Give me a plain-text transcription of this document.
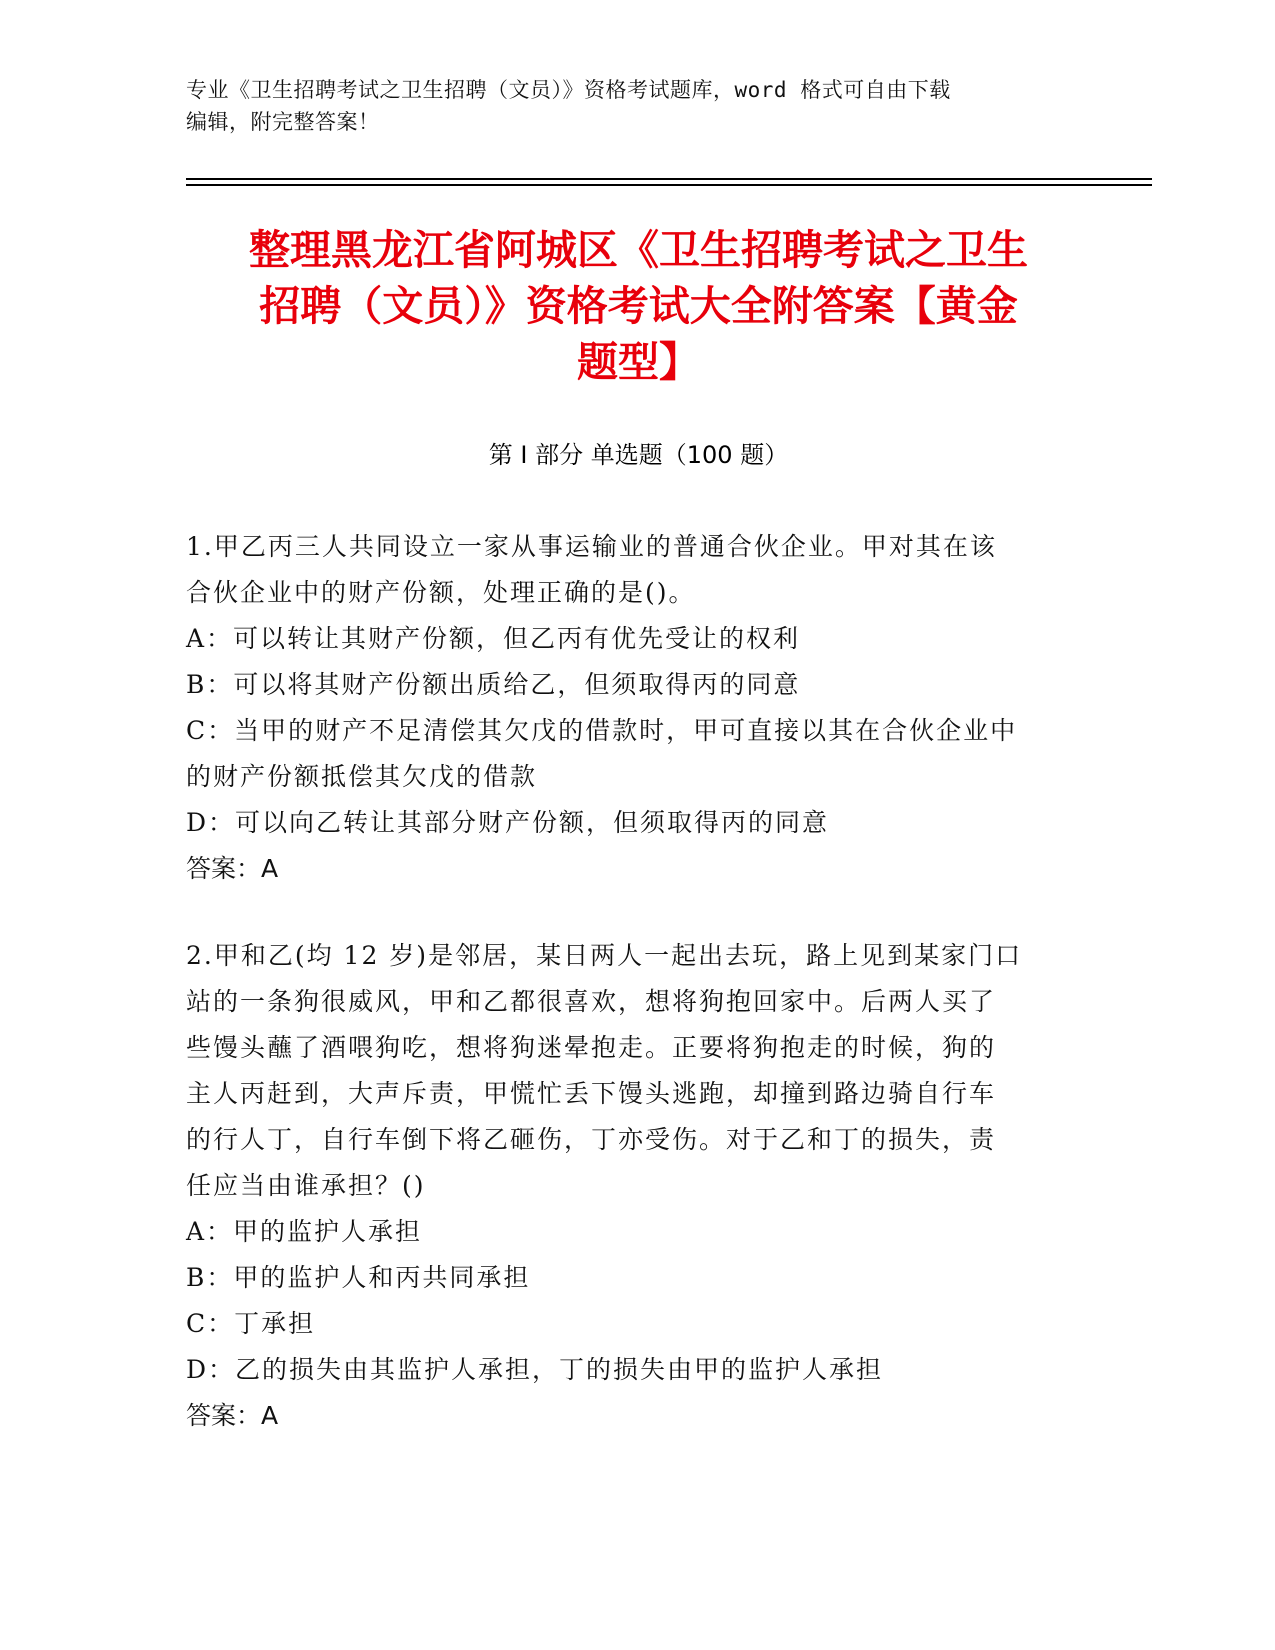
专业《卫生招聘考试之卫生招聘（文员）》资格考试题库，word 格式可自由下载
编辑，附完整答案！
整理黑龙江省阿城区《卫生招聘考试之卫生
招聘（文员）》资格考试大全附答案【黄金
题型】
第 I 部分 单选题（100 题）

1.甲乙丙三人共同设立一家从事运输业的普通合伙企业。甲对其在该

合伙企业中的财产份额，处理正确的是()。

A：可以转让其财产份额，但乙丙有优先受让的权利

B：可以将其财产份额出质给乙，但须取得丙的同意

C：当甲的财产不足清偿其欠戊的借款时，甲可直接以其在合伙企业中

的财产份额抵偿其欠戊的借款

D：可以向乙转让其部分财产份额，但须取得丙的同意

答案：A

2.甲和乙(均 12 岁)是邻居，某日两人一起出去玩，路上见到某家门口

站的一条狗很威风，甲和乙都很喜欢，想将狗抱回家中。后两人买了

些馒头蘸了酒喂狗吃，想将狗迷晕抱走。正要将狗抱走的时候，狗的

主人丙赶到，大声斥责，甲慌忙丢下馒头逃跑，却撞到路边骑自行车

的行人丁，自行车倒下将乙砸伤，丁亦受伤。对于乙和丁的损失，责

任应当由谁承担？()

A：甲的监护人承担

B：甲的监护人和丙共同承担

C：丁承担

D：乙的损失由其监护人承担，丁的损失由甲的监护人承担

答案：A
